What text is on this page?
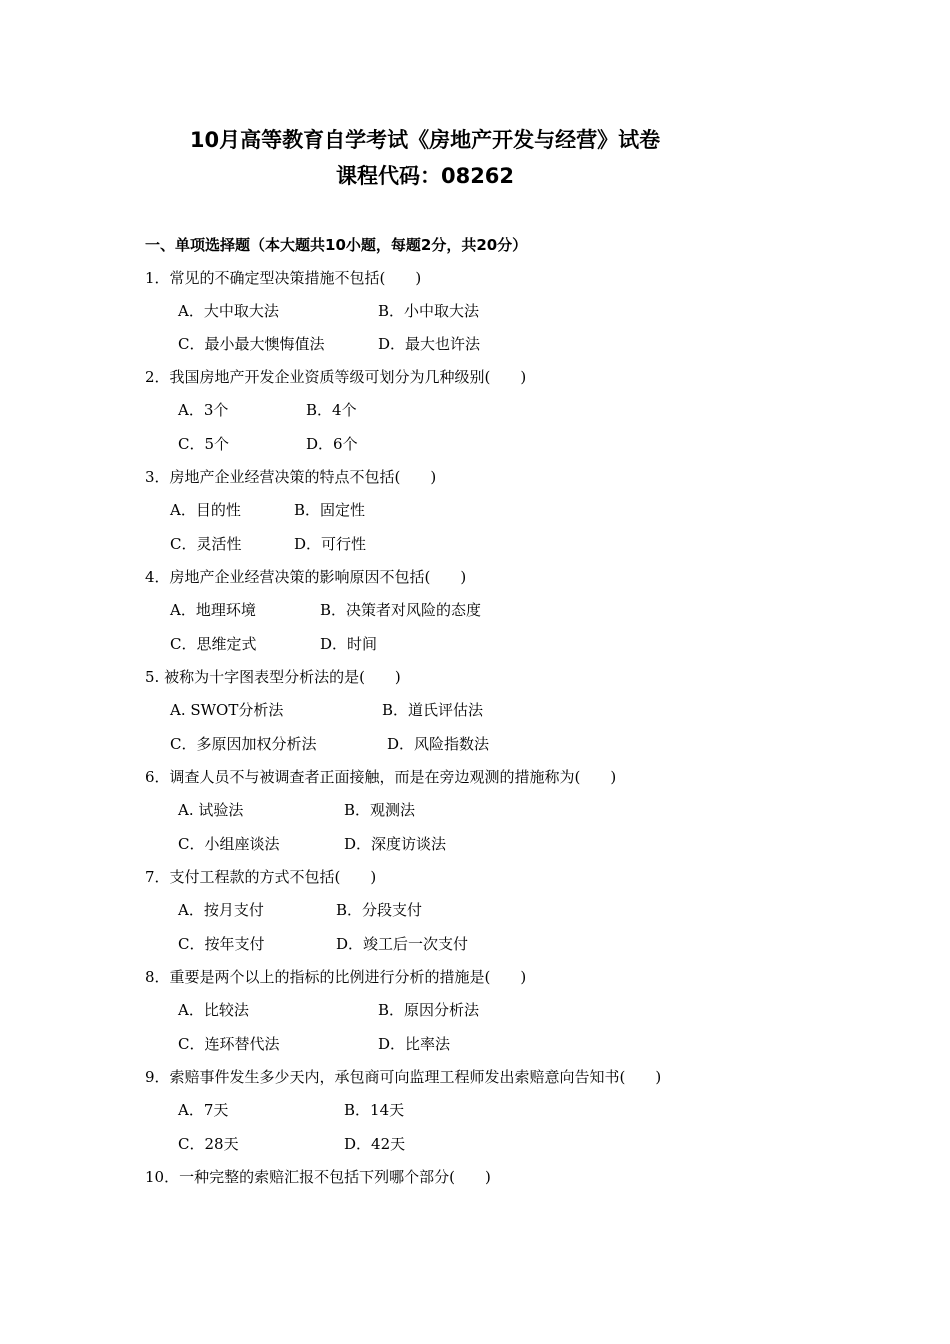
10月高等教育自学考试《房地产开发与经营》试卷
课程代码：08262
一、单项选择题（本大题共10小题，每题2分，共20分）
1．常见的不确定型决策措施不包括(　　)
A．大中取大法	B．小中取大法
C．最小最大懊悔值法	D．最大也许法
2．我国房地产开发企业资质等级可划分为几种级别(　　)
A．3个	B．4个
C．5个	D．6个
3．房地产企业经营决策的特点不包括(　　)
A．目的性	B．固定性
C．灵活性	D．可行性
4．房地产企业经营决策的影响原因不包括(　　)
A．地理环境	B．决策者对风险的态度
C．思维定式	D．时间
5. 被称为十字图表型分析法的是(　　)
A. SWOT分析法	B．道氏评估法
C．多原因加权分析法	D．风险指数法
6．调查人员不与被调查者正面接触，而是在旁边观测的措施称为(　　)
A. 试验法	B．观测法
C．小组座谈法	D．深度访谈法
7．支付工程款的方式不包括(　　)
A．按月支付	B．分段支付
C．按年支付	D．竣工后一次支付
8．重要是两个以上的指标的比例进行分析的措施是(　　)
A．比较法	B．原因分析法
C．连环替代法	D．比率法
9．索赔事件发生多少天内，承包商可向监理工程师发出索赔意向告知书(　　)
A．7天	B．14天
C．28天	D．42天
10．一种完整的索赔汇报不包括下列哪个部分(　　)
